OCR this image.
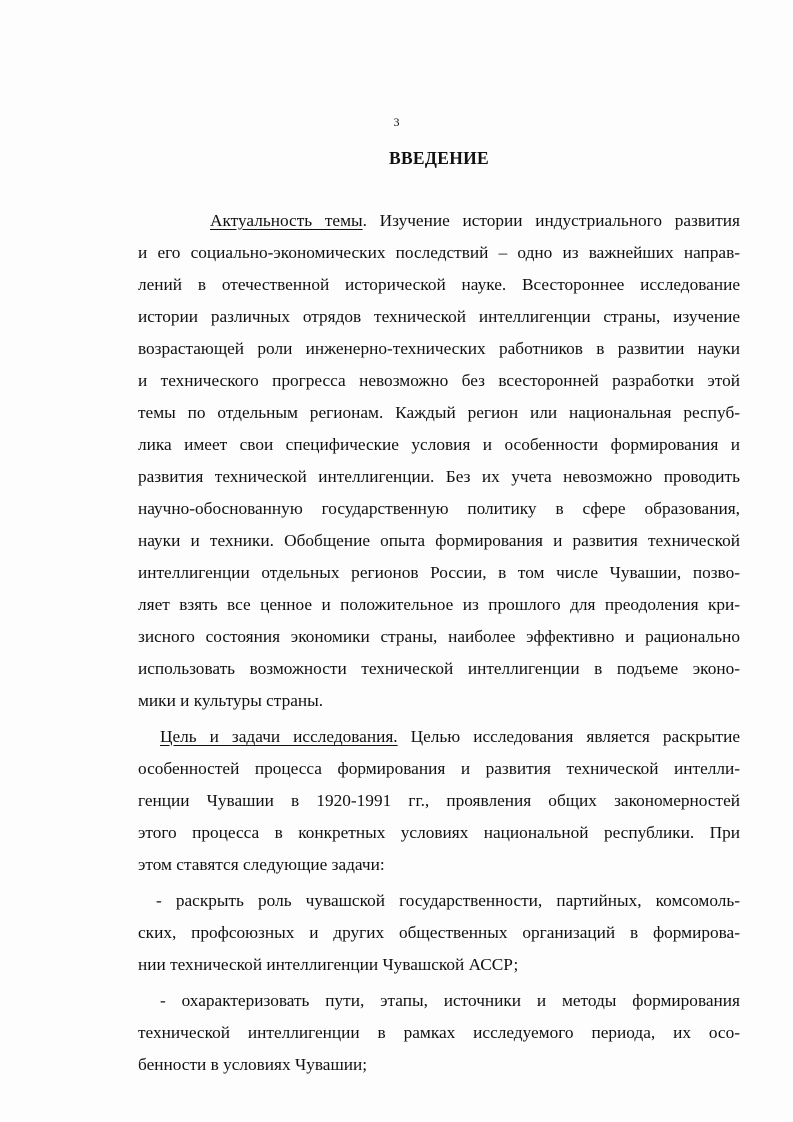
3
ВВЕДЕНИЕ
Актуальность темы. Изучение истории индустриального развития
и его социально-экономических последствий – одно из важнейших направ-
лений в отечественной исторической науке. Всестороннее исследование
истории различных отрядов технической интеллигенции страны, изучение
возрастающей роли инженерно-технических работников в развитии науки
и технического прогресса невозможно без всесторонней разработки этой
темы по отдельным регионам. Каждый регион или национальная респуб-
лика имеет свои специфические условия и особенности формирования и
развития технической интеллигенции. Без их учета невозможно проводить
научно-обоснованную государственную политику в сфере образования,
науки и техники. Обобщение опыта формирования и развития технической
интеллигенции отдельных регионов России, в том числе Чувашии, позво-
ляет взять все ценное и положительное из прошлого для преодоления кри-
зисного состояния экономики страны, наиболее эффективно и рационально
использовать возможности технической интеллигенции в подъеме эконо-
мики и культуры страны.
Цель и задачи исследования. Целью исследования является раскрытие
особенностей процесса формирования и развития технической интелли-
генции Чувашии в 1920-1991 гг., проявления общих закономерностей
этого процесса в конкретных условиях национальной республики. При
этом ставятся следующие задачи:
- раскрыть роль чувашской государственности, партийных, комсомоль-
ских, профсоюзных и других общественных организаций в формирова-
нии технической интеллигенции Чувашской АССР;
- охарактеризовать пути, этапы, источники и методы формирования
технической интеллигенции в рамках исследуемого периода, их осо-
бенности в условиях Чувашии;
